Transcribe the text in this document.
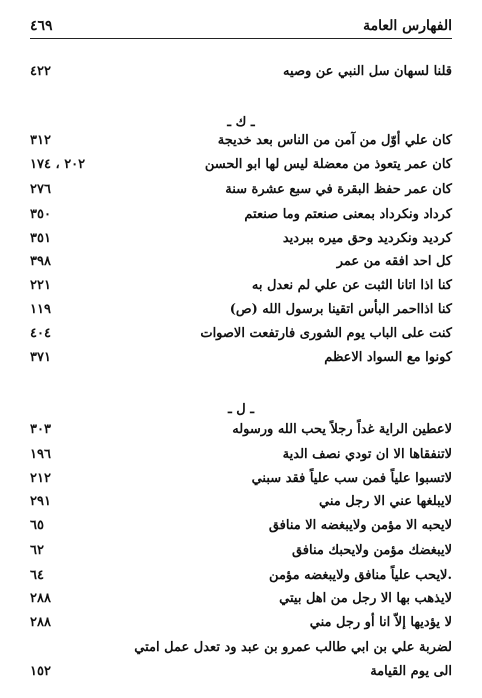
٤٦٩	الفهارس العامة
قلنا لسهان سل النبي عن وصيه
٤٢٢
ـ ك ـ
كان علي أوّل من آمن من الناس بعد خديجة
٣١٢
كان عمر يتعوذ من معضلة ليس لها ابو الحسن
٢٠٢ ، ١٧٤
كان عمر حفظ البقرة في سبع عشرة سنة
٢٧٦
كرداد ونكرداد بمعنى صنعتم وما صنعتم
٣٥٠
كرديد ونكرديد وحق ميره ببرديد
٣٥١
كل احد افقه من عمر
٣٩٨
كنا اذا اتانا الثبت عن علي لم نعدل به
٢٢١
كنا اذااحمر البأس اتقينا برسول الله (ص)
١١٩
كنت على الباب يوم الشورى فارتفعت الاصوات
٤٠٤
كونوا مع السواد الاعظم
٣٧١
ـ ل ـ
لاعطين الراية غداً رجلاً يحب الله ورسوله
٣٠٣
لاتنفقاها الا ان تودي نصف الدية
١٩٦
لاتسبوا علياً فمن سب علياً فقد سبني
٢١٢
لايبلغها عني الا رجل مني
٢٩١
لايحبه الا مؤمن ولايبغضه الا منافق
٦٥
لايبغضك مؤمن ولايحبك منافق
٦٢
.لايحب علياً منافق ولايبغضه مؤمن
٦٤
لايذهب بها الا رجل من اهل بيتي
٢٨٨
لا يؤديها إلاّ انا أو رجل مني
٢٨٨
لضربة علي بن ابي طالب عمرو بن عبد ود تعدل عمل امتي
الى يوم القيامة
١٥٢
